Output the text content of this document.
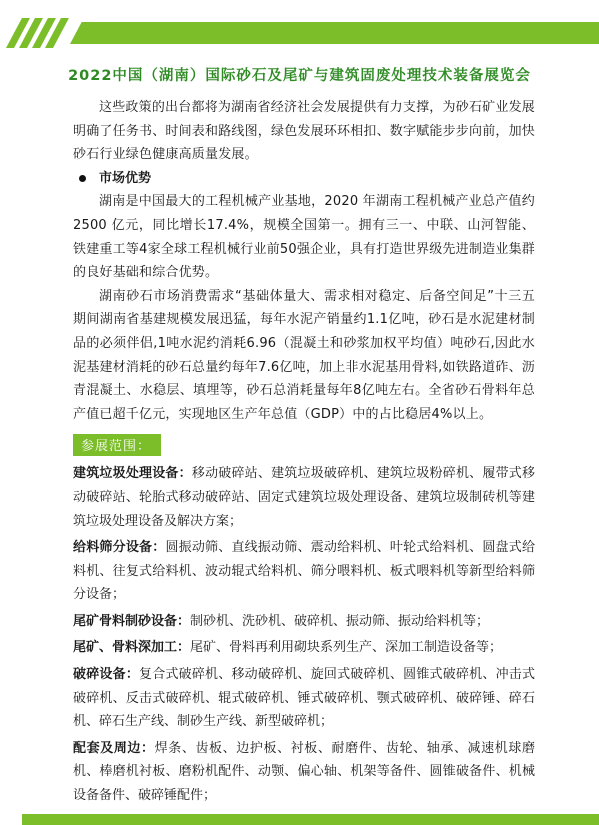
2022中国（湖南）国际砂石及尾矿与建筑固废处理技术装备展览会

这些政策的出台都将为湖南省经济社会发展提供有力支撑，为砂石矿业发展明确了任务书、时间表和路线图，绿色发展环环相扣、数字赋能步步向前，加快砂石行业绿色健康高质量发展。

市场优势

湖南是中国最大的工程机械产业基地，2020 年湖南工程机械产业总产值约2500 亿元，同比增长17.4%，规模全国第一。拥有三一、中联、山河智能、铁建重工等4家全球工程机械行业前50强企业，具有打造世界级先进制造业集群的良好基础和综合优势。

湖南砂石市场消费需求“基础体量大、需求相对稳定、后备空间足”十三五期间湖南省基建规模发展迅猛，每年水泥产销量约1.1亿吨，砂石是水泥建材制品的必须伴侣,1吨水泥约消耗6.96（混凝土和砂浆加权平均值）吨砂石,因此水泥基建材消耗的砂石总量约每年7.6亿吨，加上非水泥基用骨料,如铁路道砟、沥青混凝土、水稳层、填埋等，砂石总消耗量每年8亿吨左右。全省砂石骨料年总产值已超千亿元，实现地区生产年总值（GDP）中的占比稳居4%以上。

参展范围：
建筑垃圾处理设备：移动破碎站、建筑垃圾破碎机、建筑垃圾粉碎机、履带式移动破碎站、轮胎式移动破碎站、固定式建筑垃圾处理设备、建筑垃圾制砖机等建筑垃圾处理设备及解决方案；
给料筛分设备：圆振动筛、直线振动筛、震动给料机、叶轮式给料机、圆盘式给料机、往复式给料机、波动辊式给料机、筛分喂料机、板式喂料机等新型给料筛分设备；
尾矿骨料制砂设备：制砂机、洗砂机、破碎机、振动筛、振动给料机等；
尾矿、骨料深加工：尾矿、骨料再利用砌块系列生产、深加工制造设备等；
破碎设备：复合式破碎机、移动破碎机、旋回式破碎机、圆锥式破碎机、冲击式破碎机、反击式破碎机、辊式破碎机、锤式破碎机、颚式破碎机、破碎锤、碎石机、碎石生产线、制砂生产线、新型破碎机；
配套及周边：焊条、齿板、边护板、衬板、耐磨件、齿轮、轴承、减速机球磨机、棒磨机衬板、磨粉机配件、动颚、偏心轴、机架等备件、圆锥破备件、机械设备备件、破碎锤配件；
